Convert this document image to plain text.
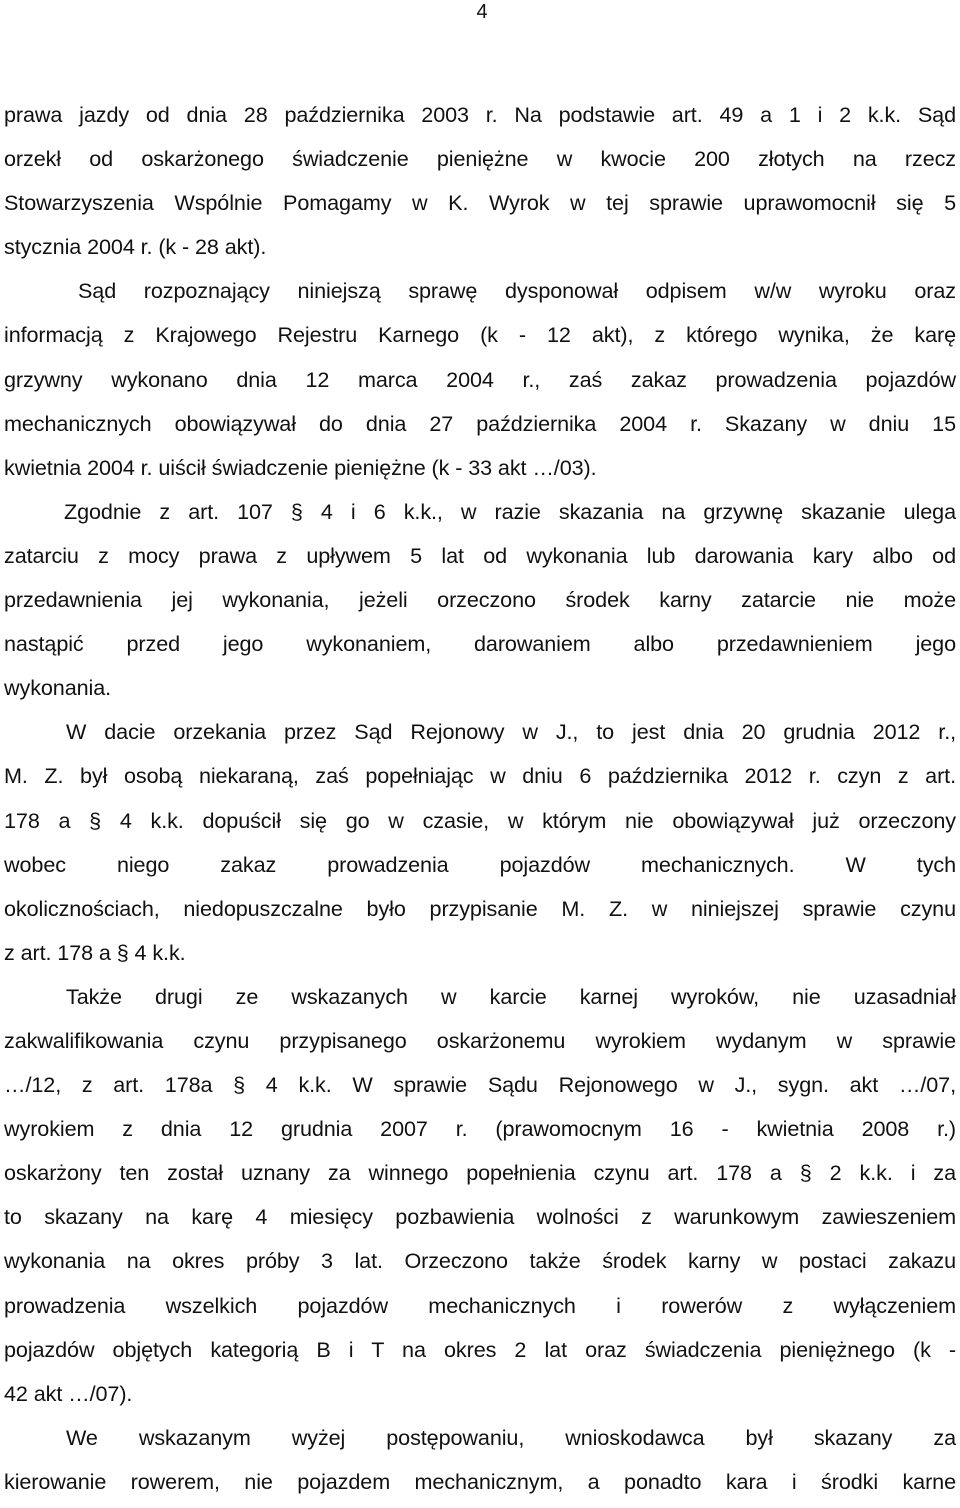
4
prawa jazdy od dnia 28 października 2003 r. Na podstawie art. 49 a 1 i 2 k.k. Sąd
orzekł od oskarżonego świadczenie pieniężne w kwocie 200 złotych na rzecz
Stowarzyszenia Wspólnie Pomagamy w K. Wyrok w tej sprawie uprawomocnił się 5
stycznia 2004 r. (k - 28 akt).
Sąd rozpoznający niniejszą sprawę dysponował odpisem w/w wyroku oraz
informacją z Krajowego Rejestru Karnego (k - 12 akt), z którego wynika, że karę
grzywny wykonano dnia 12 marca 2004 r., zaś zakaz prowadzenia pojazdów
mechanicznych obowiązywał do dnia 27 października 2004 r. Skazany w dniu 15
kwietnia 2004 r. uiścił świadczenie pieniężne (k - 33 akt …/03).
Zgodnie z art. 107 § 4 i 6 k.k., w razie skazania na grzywnę skazanie ulega
zatarciu z mocy prawa z upływem 5 lat od wykonania lub darowania kary albo od
przedawnienia jej wykonania, jeżeli orzeczono środek karny zatarcie nie może
nastąpić przed jego wykonaniem, darowaniem albo przedawnieniem jego
wykonania.
W dacie orzekania przez Sąd Rejonowy w J., to jest dnia 20 grudnia 2012 r.,
M. Z. był osobą niekaraną, zaś popełniając w dniu 6 października 2012 r. czyn z art.
178 a § 4 k.k. dopuścił się go w czasie, w którym nie obowiązywał już orzeczony
wobec niego zakaz prowadzenia pojazdów mechanicznych. W tych
okolicznościach, niedopuszczalne było przypisanie M. Z. w niniejszej sprawie czynu
z art. 178 a § 4 k.k.
Także drugi ze wskazanych w karcie karnej wyroków, nie uzasadniał
zakwalifikowania czynu przypisanego oskarżonemu wyrokiem wydanym w sprawie
…/12, z art. 178a § 4 k.k. W sprawie Sądu Rejonowego w J., sygn. akt …/07,
wyrokiem z dnia 12 grudnia 2007 r. (prawomocnym 16 - kwietnia 2008 r.)
oskarżony ten został uznany za winnego popełnienia czynu art. 178 a § 2 k.k. i za
to skazany na karę 4 miesięcy pozbawienia wolności z warunkowym zawieszeniem
wykonania na okres próby 3 lat. Orzeczono także środek karny w postaci zakazu
prowadzenia wszelkich pojazdów mechanicznych i rowerów z wyłączeniem
pojazdów objętych kategorią B i T na okres 2 lat oraz świadczenia pieniężnego (k -
42 akt …/07).
We wskazanym wyżej postępowaniu, wnioskodawca był skazany za
kierowanie rowerem, nie pojazdem mechanicznym, a ponadto kara i środki karne
